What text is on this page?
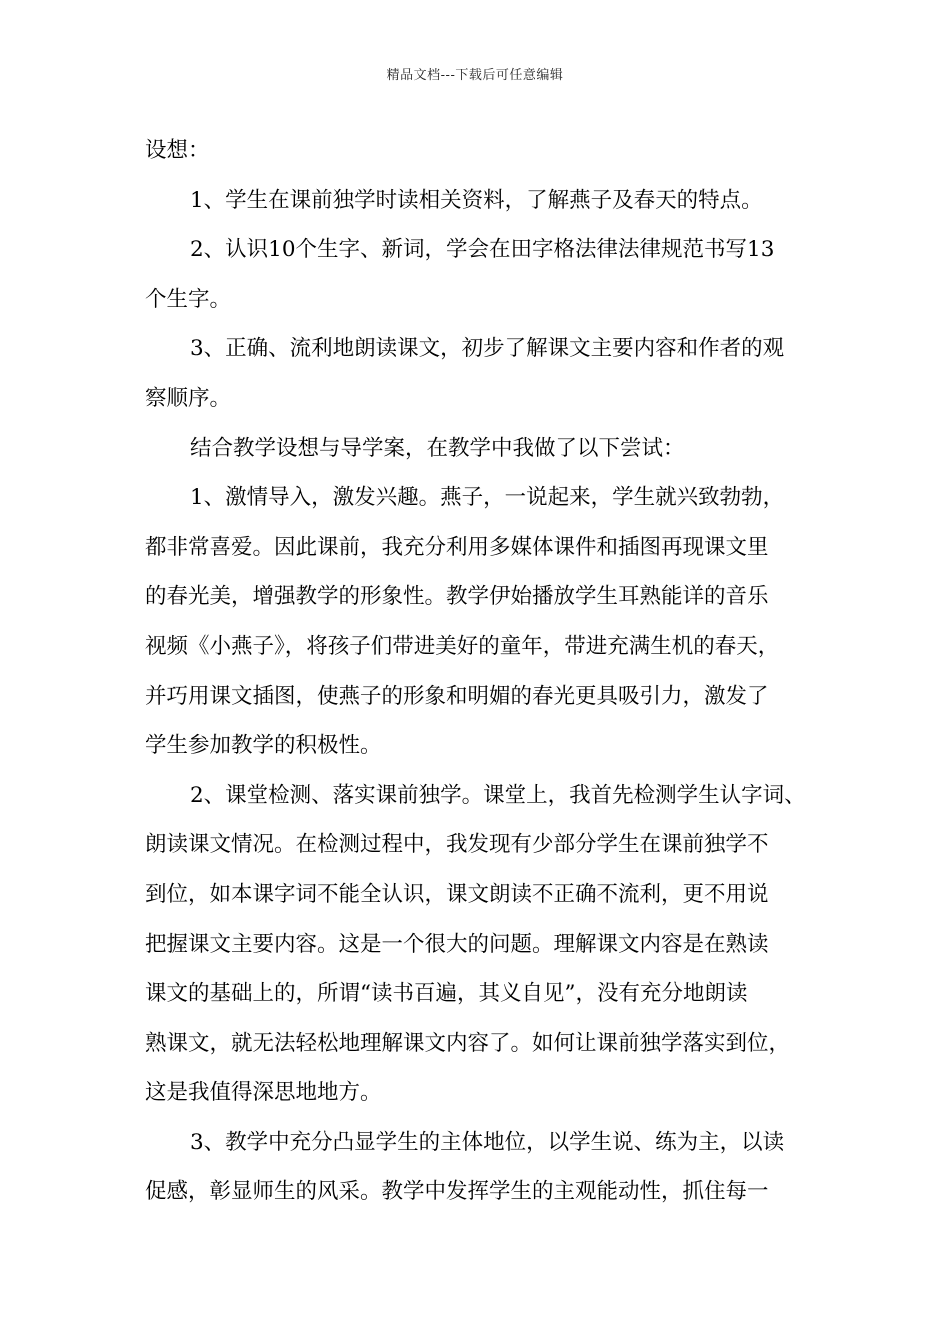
精品文档---下载后可任意编辑
设想：
1、学生在课前独学时读相关资料，了解燕子及春天的特点。
2、认识10个生字、新词，学会在田字格法律法律规范书写13
个生字。
3、正确、流利地朗读课文，初步了解课文主要内容和作者的观
察顺序。
结合教学设想与导学案，在教学中我做了以下尝试：
1、激情导入，激发兴趣。燕子，一说起来，学生就兴致勃勃，
都非常喜爱。因此课前，我充分利用多媒体课件和插图再现课文里
的春光美，增强教学的形象性。教学伊始播放学生耳熟能详的音乐
视频《小燕子》，将孩子们带进美好的童年，带进充满生机的春天，
并巧用课文插图，使燕子的形象和明媚的春光更具吸引力，激发了
学生参加教学的积极性。
2、课堂检测、落实课前独学。课堂上，我首先检测学生认字词、
朗读课文情况。在检测过程中，我发现有少部分学生在课前独学不
到位，如本课字词不能全认识，课文朗读不正确不流利，更不用说
把握课文主要内容。这是一个很大的问题。理解课文内容是在熟读
课文的基础上的，所谓“读书百遍，其义自见”，没有充分地朗读
熟课文，就无法轻松地理解课文内容了。如何让课前独学落实到位，
这是我值得深思地地方。
3、教学中充分凸显学生的主体地位，以学生说、练为主，以读
促感，彰显师生的风采。教学中发挥学生的主观能动性，抓住每一
